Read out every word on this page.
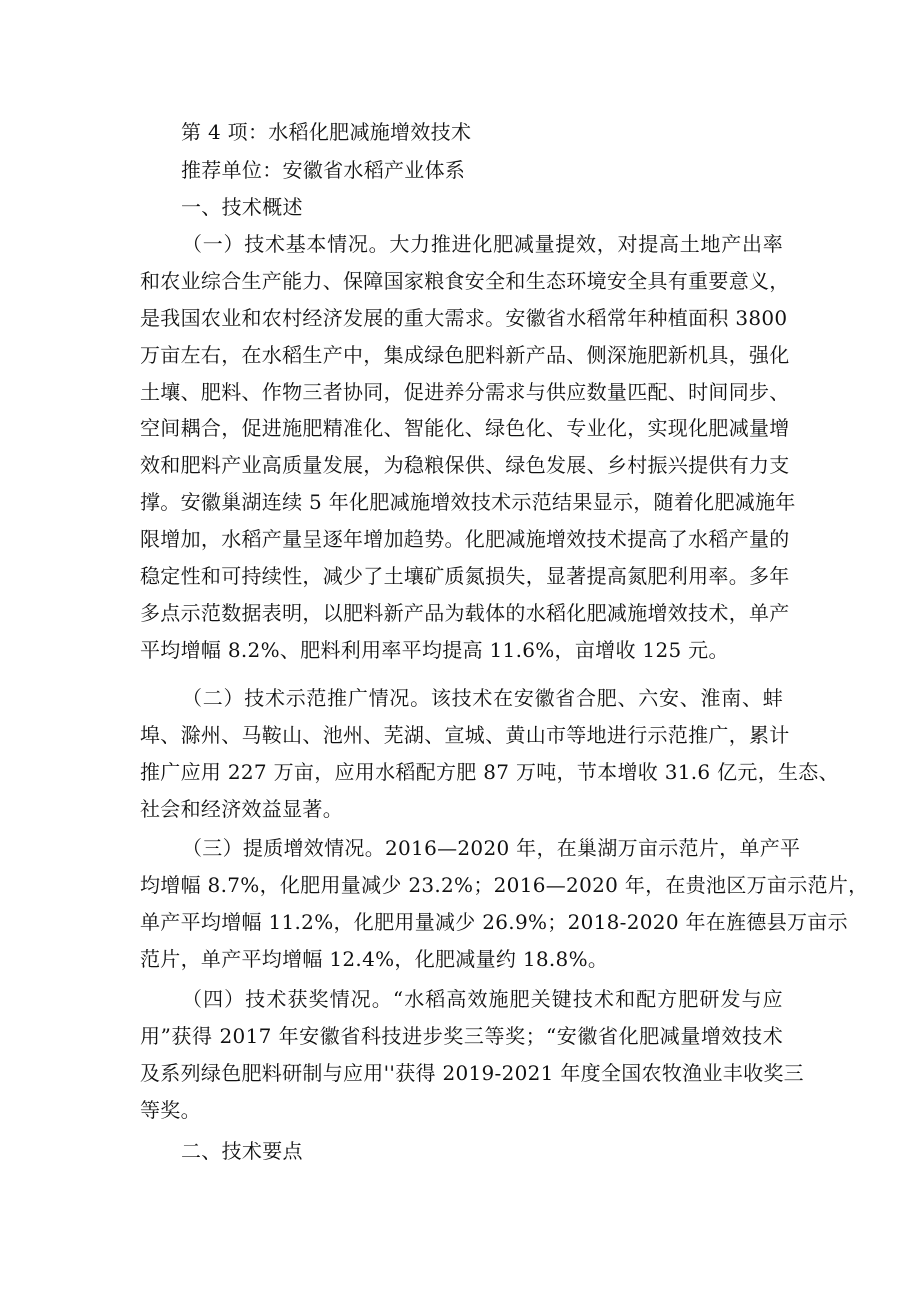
第 4 项：水稻化肥减施增效技术
推荐单位：安徽省水稻产业体系
一、技术概述
（一）技术基本情况。大力推进化肥减量提效，对提高土地产出率
和农业综合生产能力、保障国家粮食安全和生态环境安全具有重要意义，
是我国农业和农村经济发展的重大需求。安徽省水稻常年种植面积 3800
万亩左右，在水稻生产中，集成绿色肥料新产品、侧深施肥新机具，强化
土壤、肥料、作物三者协同，促进养分需求与供应数量匹配、时间同步、
空间耦合，促进施肥精准化、智能化、绿色化、专业化，实现化肥减量增
效和肥料产业高质量发展，为稳粮保供、绿色发展、乡村振兴提供有力支
撑。安徽巢湖连续 5 年化肥减施增效技术示范结果显示，随着化肥减施年
限增加，水稻产量呈逐年增加趋势。化肥减施增效技术提高了水稻产量的
稳定性和可持续性，减少了土壤矿质氮损失，显著提高氮肥利用率。多年
多点示范数据表明，以肥料新产品为载体的水稻化肥减施增效技术，单产
平均增幅 8.2%、肥料利用率平均提高 11.6%，亩增收 125 元。
（二）技术示范推广情况。该技术在安徽省合肥、六安、淮南、蚌
埠、滁州、马鞍山、池州、芜湖、宣城、黄山市等地进行示范推广，累计
推广应用 227 万亩，应用水稻配方肥 87 万吨，节本增收 31.6 亿元，生态、
社会和经济效益显著。
（三）提质增效情况。2016—2020 年，在巢湖万亩示范片，单产平
均增幅 8.7%，化肥用量减少 23.2%；2016—2020 年，在贵池区万亩示范片，
单产平均增幅 11.2%，化肥用量减少 26.9%；2018-2020 年在旌德县万亩示
范片，单产平均增幅 12.4%，化肥减量约 18.8%。
（四）技术获奖情况。“水稻高效施肥关键技术和配方肥研发与应
用”获得 2017 年安徽省科技进步奖三等奖；“安徽省化肥减量增效技术
及系列绿色肥料研制与应用''获得 2019-2021 年度全国农牧渔业丰收奖三
等奖。
二、技术要点
